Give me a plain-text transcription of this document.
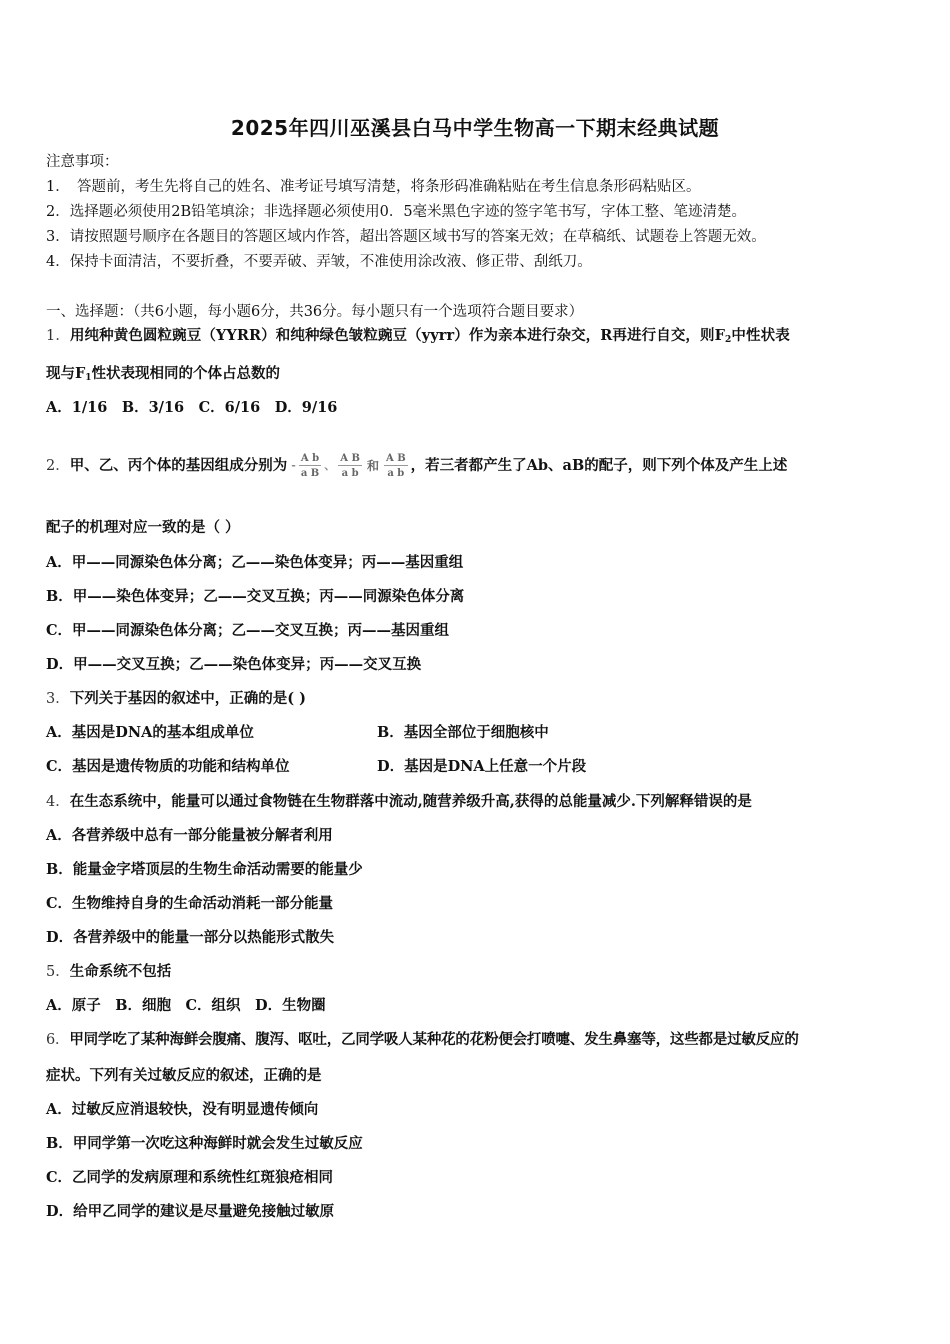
2025年四川巫溪县白马中学生物高一下期末经典试题
注意事项：
1．　答题前，考生先将自己的姓名、准考证号填写清楚，将条形码准确粘贴在考生信息条形码粘贴区。
2．选择题必须使用2B铅笔填涂；非选择题必须使用0．5毫米黑色字迹的签字笔书写，字体工整、笔迹清楚。
3．请按照题号顺序在各题目的答题区域内作答，超出答题区域书写的答案无效；在草稿纸、试题卷上答题无效。
4．保持卡面清洁，不要折叠，不要弄破、弄皱，不准使用涂改液、修正带、刮纸刀。
一、选择题：（共6小题，每小题6分，共36分。每小题只有一个选项符合题目要求）
1．用纯种黄色圆粒豌豆（YYRR）和纯种绿色皱粒豌豆（yyrr）作为亲本进行杂交，R再进行自交，则$F_2$中性状表
现与$F_1$性状表现相同的个体占总数的
A．1/16　B．3/16　C．6/16　D．9/16
2．甲、乙、丙个体的基因组成分别为 - $\frac{\text{A b}}{\text{a B}}$ 、 $\frac{\text{A B}}{\text{a b}}$ 和 $\frac{\text{A B}}{\text{a b}}$ ，若三者都产生了Ab、aB的配子，则下列个体及产生上述
配子的机理对应一致的是（ ）
A．甲——同源染色体分离；乙——染色体变异；丙——基因重组
B．甲——染色体变异；乙——交叉互换；丙——同源染色体分离
C．甲——同源染色体分离；乙——交叉互换；丙——基因重组
D．甲——交叉互换；乙——染色体变异；丙——交叉互换
3．下列关于基因的叙述中，正确的是( )
A．基因是DNA的基本组成单位	B．基因全部位于细胞核中
C．基因是遗传物质的功能和结构单位	D．基因是DNA上任意一个片段
4．在生态系统中，能量可以通过食物链在生物群落中流动,随营养级升高,获得的总能量减少.下列解释错误的是
A．各营养级中总有一部分能量被分解者利用
B．能量金字塔顶层的生物生命活动需要的能量少
C．生物维持自身的生命活动消耗一部分能量
D．各营养级中的能量一部分以热能形式散失
5．生命系统不包括
A．原子　B．细胞　C．组织　D．生物圈
6．甲同学吃了某种海鲜会腹痛、腹泻、呕吐，乙同学吸人某种花的花粉便会打喷嚏、发生鼻塞等，这些都是过敏反应的
症状。下列有关过敏反应的叙述，正确的是
A．过敏反应消退较快，没有明显遗传倾向
B．甲同学第一次吃这种海鲜时就会发生过敏反应
C．乙同学的发病原理和系统性红斑狼疮相同
D．给甲乙同学的建议是尽量避免接触过敏原
